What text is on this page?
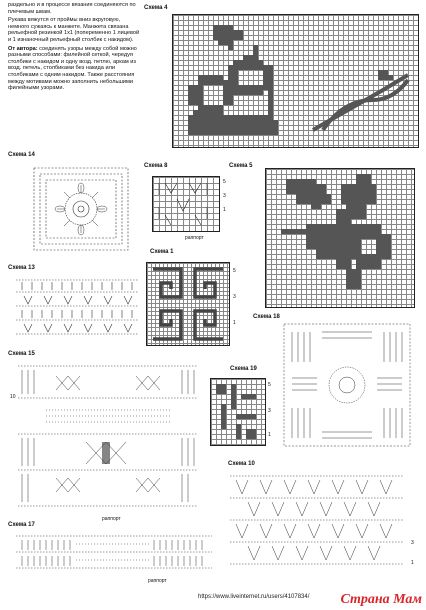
раздельно и в процессе вязания соединяются по плечевым швам.

Рукава вяжутся от проймы вниз вкруговую, немного сужаясь к манжете. Манжета связана рельефной резинкой 1х1 (попеременно 1 лицевой и 1 изнаночный рельефный столбик с накидом).

От автора: соединять узоры между собой можно разными способами: филейной сеткой, чередуя столбики с накидом и одну возд. петлю, аркам из возд. петель, столбиками без накида или столбиками с одним накидом. Также расстояния между мотивами можно заполнить небольшими филейными узорами.

Схема 4
Схема 14
Схема 8
5
3
1
раппорт
Схема 5
Схема 1
5
3
1
Схема 13
Схема 18
Схема 15
10
раппорт
Схема 19
5
3
1
Схема 10
3
1
Схема 17
раппорт
https://www.liveinternet.ru/users/4107834/ Страна Мам
